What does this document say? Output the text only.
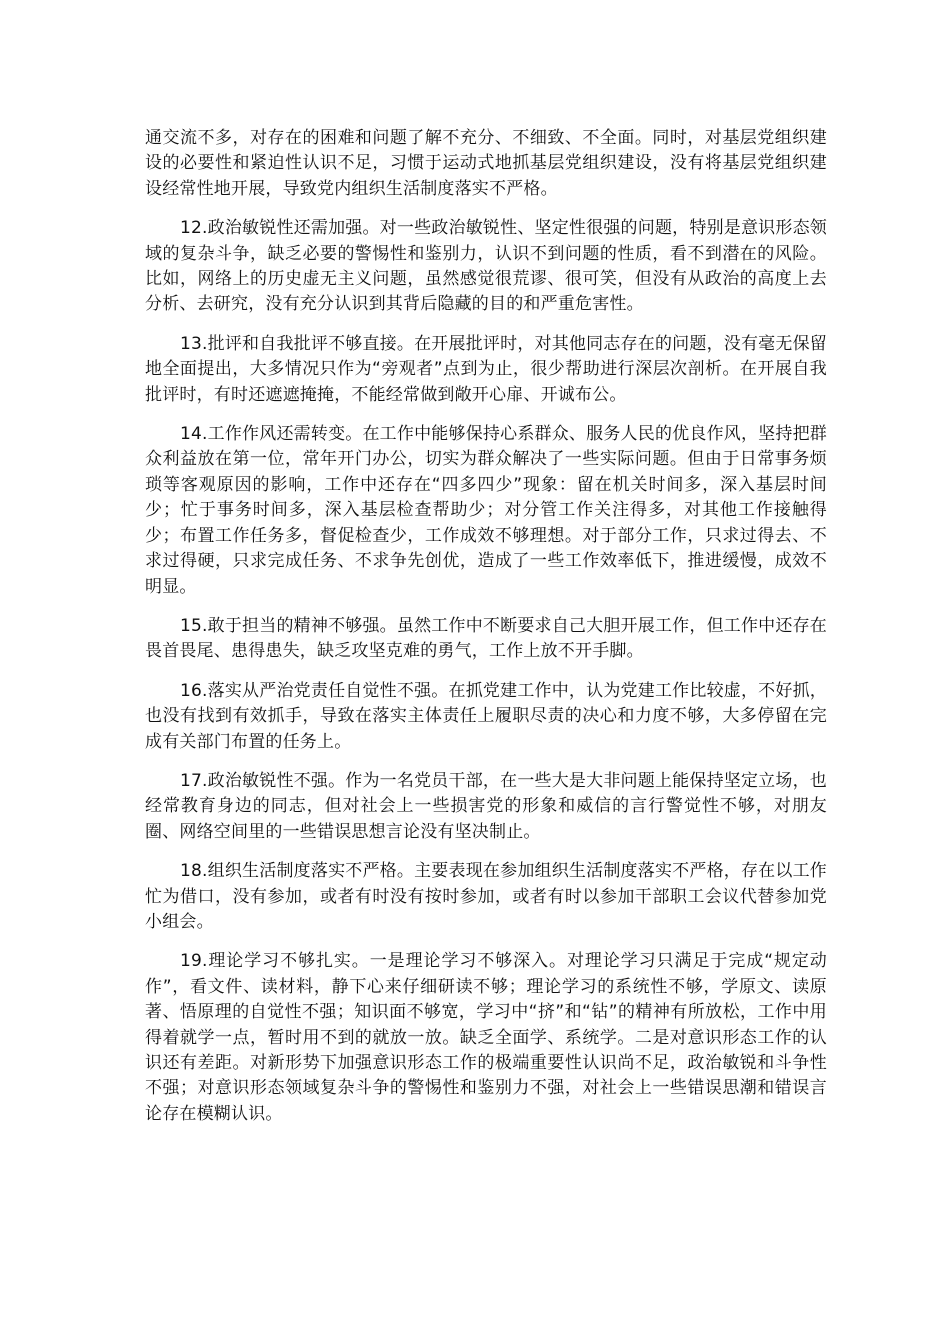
通交流不多，对存在的困难和问题了解不充分、不细致、不全面。同时，对基层党组织建设的必要性和紧迫性认识不足，习惯于运动式地抓基层党组织建设，没有将基层党组织建设经常性地开展，导致党内组织生活制度落实不严格。

12.政治敏锐性还需加强。对一些政治敏锐性、坚定性很强的问题，特别是意识形态领域的复杂斗争，缺乏必要的警惕性和鉴别力，认识不到问题的性质，看不到潜在的风险。比如，网络上的历史虚无主义问题，虽然感觉很荒谬、很可笑，但没有从政治的高度上去分析、去研究，没有充分认识到其背后隐藏的目的和严重危害性。

13.批评和自我批评不够直接。在开展批评时，对其他同志存在的问题，没有毫无保留地全面提出，大多情况只作为“旁观者”点到为止，很少帮助进行深层次剖析。在开展自我批评时，有时还遮遮掩掩，不能经常做到敞开心扉、开诚布公。

14.工作作风还需转变。在工作中能够保持心系群众、服务人民的优良作风，坚持把群众利益放在第一位，常年开门办公，切实为群众解决了一些实际问题。但由于日常事务烦琐等客观原因的影响，工作中还存在“四多四少”现象：留在机关时间多，深入基层时间少；忙于事务时间多，深入基层检查帮助少；对分管工作关注得多，对其他工作接触得少；布置工作任务多，督促检查少，工作成效不够理想。对于部分工作，只求过得去、不求过得硬，只求完成任务、不求争先创优，造成了一些工作效率低下，推进缓慢，成效不明显。

15.敢于担当的精神不够强。虽然工作中不断要求自己大胆开展工作，但工作中还存在畏首畏尾、患得患失，缺乏攻坚克难的勇气，工作上放不开手脚。

16.落实从严治党责任自觉性不强。在抓党建工作中，认为党建工作比较虚，不好抓，也没有找到有效抓手，导致在落实主体责任上履职尽责的决心和力度不够，大多停留在完成有关部门布置的任务上。

17.政治敏锐性不强。作为一名党员干部，在一些大是大非问题上能保持坚定立场，也经常教育身边的同志，但对社会上一些损害党的形象和威信的言行警觉性不够，对朋友圈、网络空间里的一些错误思想言论没有坚决制止。

18.组织生活制度落实不严格。主要表现在参加组织生活制度落实不严格，存在以工作忙为借口，没有参加，或者有时没有按时参加，或者有时以参加干部职工会议代替参加党小组会。

19.理论学习不够扎实。一是理论学习不够深入。对理论学习只满足于完成“规定动作”，看文件、读材料，静下心来仔细研读不够；理论学习的系统性不够，学原文、读原著、悟原理的自觉性不强；知识面不够宽，学习中“挤”和“钻”的精神有所放松，工作中用得着就学一点，暂时用不到的就放一放。缺乏全面学、系统学。二是对意识形态工作的认识还有差距。对新形势下加强意识形态工作的极端重要性认识尚不足，政治敏锐和斗争性不强；对意识形态领域复杂斗争的警惕性和鉴别力不强，对社会上一些错误思潮和错误言论存在模糊认识。
